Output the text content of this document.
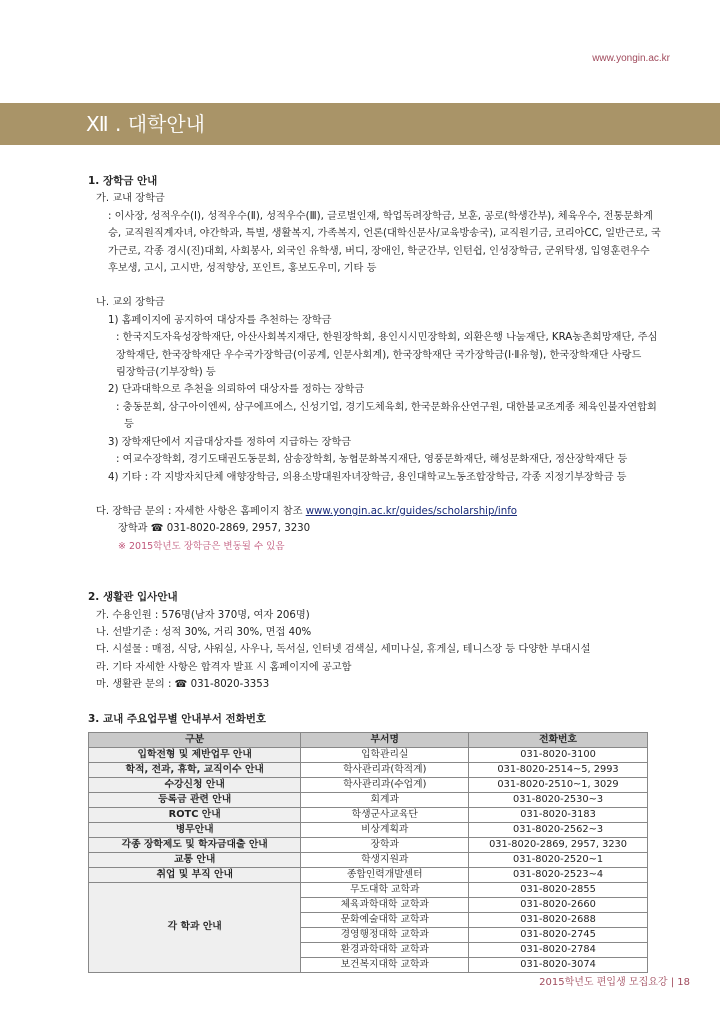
www.yongin.ac.kr
Ⅻ . 대학안내

1. 장학금 안내

가. 교내 장학금
: 이사장, 성적우수(Ⅰ), 성적우수(Ⅱ), 성적우수(Ⅲ), 글로벌인재, 학업독려장학금, 보훈, 공로(학생간부), 체육우수, 전통문화계
승, 교직원직계자녀, 야간학과, 특별, 생활복지, 가족복지, 언론(대학신문사/교육방송국), 교직원기금, 코리아CC, 일반근로, 국
가근로, 각종 경시(진)대회, 사회봉사, 외국인 유학생, 버디, 장애인, 학군간부, 인턴쉽, 인성장학금, 군위탁생, 입영훈련우수
후보생, 고시, 고시반, 성적향상, 포인트, 홍보도우미, 기타 등
나. 교외 장학금
1) 홈페이지에 공지하여 대상자를 추천하는 장학금
: 한국지도자육성장학재단, 아산사회복지재단, 한원장학회, 용인시시민장학회, 외환은행 나눔재단, KRA농촌희망재단, 주심
장학재단, 한국장학재단 우수국가장학금(이공계, 인문사회계), 한국장학재단 국가장학금(Ⅰ·Ⅱ유형), 한국장학재단 사랑드
림장학금(기부장학) 등
2) 단과대학으로 추천을 의뢰하여 대상자를 정하는 장학금
: 충동문회, 삼구아이엔씨, 삼구에프에스, 신성기업, 경기도체육회, 한국문화유산연구원, 대한불교조계종 체육인불자연합회 등
3) 장학재단에서 지급대상자를 정하여 지급하는 장학금
: 여교수장학회, 경기도태권도동문회, 삼송장학회, 농협문화복지재단, 영풍문화재단, 해성문화재단, 정산장학재단 등
4) 기타 : 각 지방자치단체 애향장학금, 의용소방대원자녀장학금, 용인대학교노동조합장학금, 각종 지정기부장학금 등
다. 장학금 문의 : 자세한 사항은 홈페이지 참조 www.yongin.ac.kr/guides/scholarship/info
장학과 ☎ 031-8020-2869, 2957, 3230
※ 2015학년도 장학금은 변동될 수 있음

2. 생활관 입사안내

가. 수용인원 : 576명(남자 370명, 여자 206명)
나. 선발기준 : 성적 30%, 거리 30%, 면접 40%
다. 시설물 : 매점, 식당, 샤워실, 사우나, 독서실, 인터넷 검색실, 세미나실, 휴게실, 테니스장 등 다양한 부대시설
라. 기타 자세한 사항은 합격자 발표 시 홈페이지에 공고함
마. 생활관 문의 : ☎ 031-8020-3353

3. 교내 주요업무별 안내부서 전화번호

구분	부서명	전화번호
입학전형 및 제반업무 안내	입학관리실	031-8020-3100
학적, 전과, 휴학, 교직이수 안내	학사관리과(학적계)	031-8020-2514~5, 2993
수강신청 안내	학사관리과(수업계)	031-8020-2510~1, 3029
등록금 관련 안내	회계과	031-8020-2530~3
ROTC 안내	학생군사교육단	031-8020-3183
병무안내	비상계획과	031-8020-2562~3
각종 장학제도 및 학자금대출 안내	장학과	031-8020-2869, 2957, 3230
교통 안내	학생지원과	031-8020-2520~1
취업 및 부직 안내	종합인력개발센터	031-8020-2523~4
각 학과 안내	무도대학 교학과	031-8020-2855
	체육과학대학 교학과	031-8020-2660
	문화예술대학 교학과	031-8020-2688
	경영행정대학 교학과	031-8020-2745
	환경과학대학 교학과	031-8020-2784
	보건복지대학 교학과	031-8020-3074
2015학년도 편입생 모집요강 | 18
